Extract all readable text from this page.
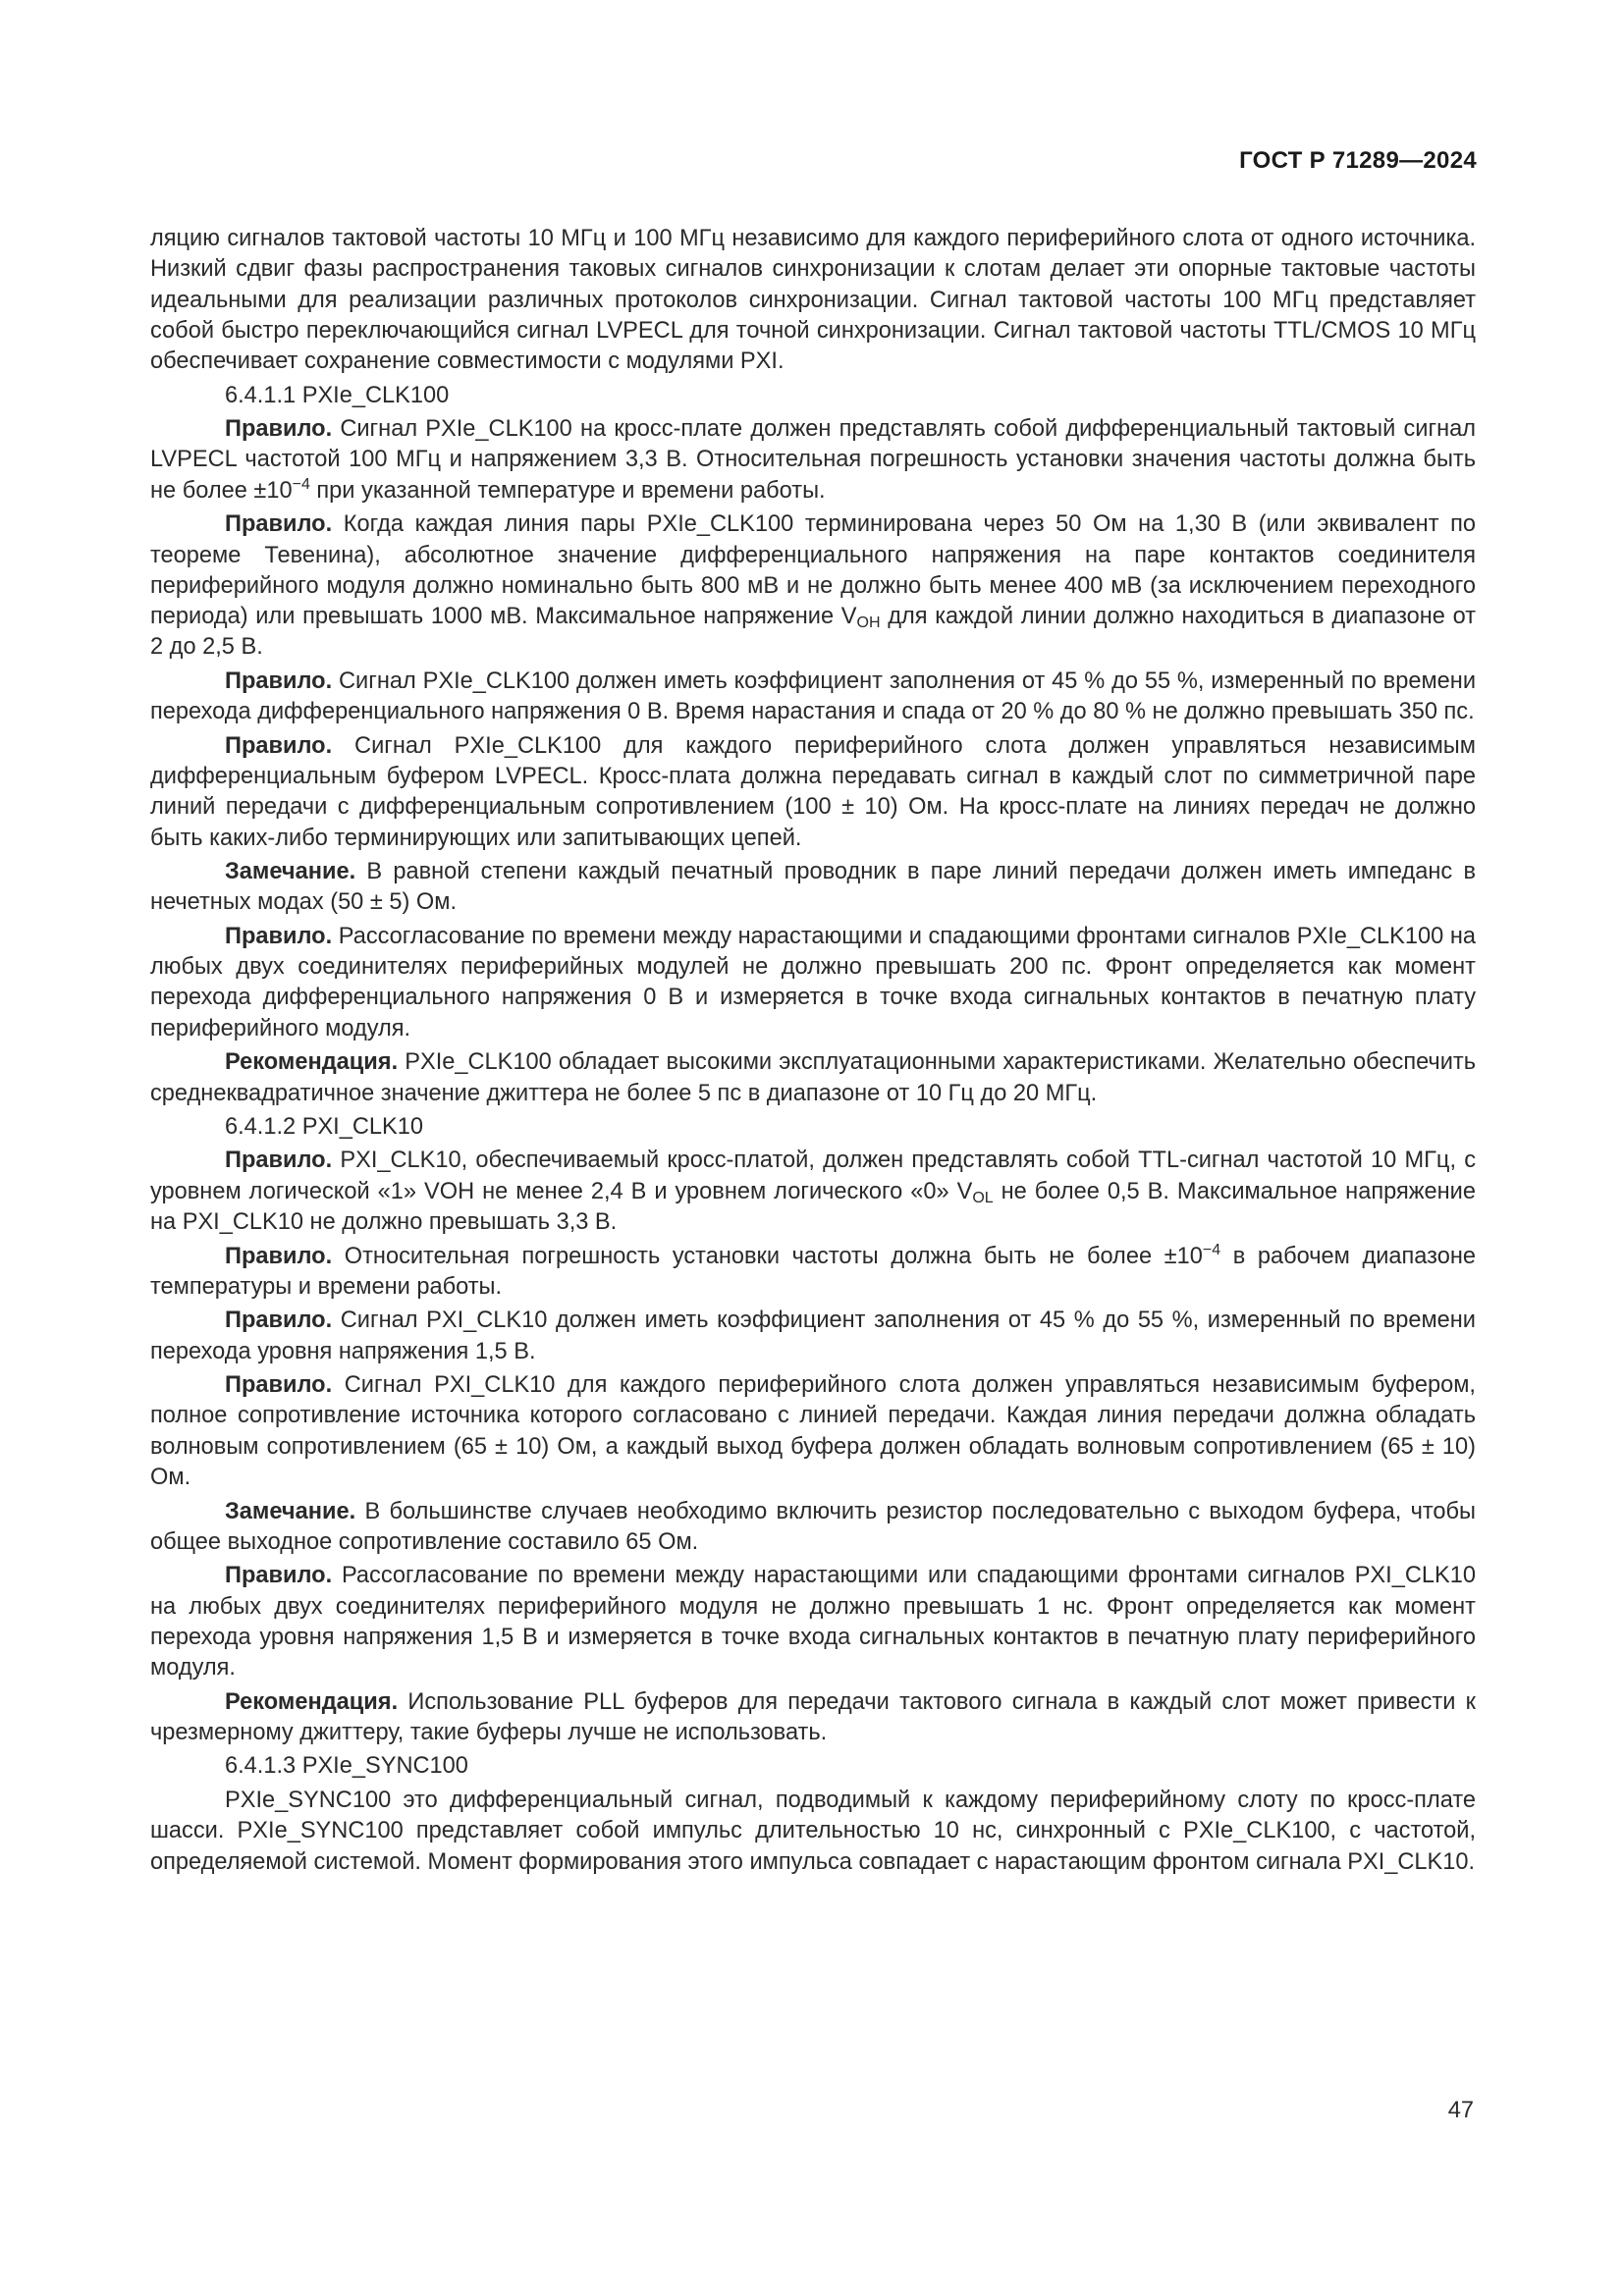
ГОСТ Р 71289—2024

ляцию сигналов тактовой частоты 10 МГц и 100 МГц независимо для каждого периферийного слота от одного источника. Низкий сдвиг фазы распространения таковых сигналов синхронизации к слотам делает эти опорные тактовые частоты идеальными для реализации различных протоколов синхронизации. Сигнал тактовой частоты 100 МГц представляет собой быстро переключающийся сигнал LVPECL для точной синхронизации. Сигнал тактовой частоты TTL/CMOS 10 МГц обеспечивает сохранение совместимости с модулями PXI.

6.4.1.1 PXIe_CLK100

Правило. Сигнал PXIe_CLK100 на кросс-плате должен представлять собой дифференциальный тактовый сигнал LVPECL частотой 100 МГц и напряжением 3,3 В. Относительная погрешность установки значения частоты должна быть не более $\pm 10^{-4}$ при указанной температуре и времени работы.

Правило. Когда каждая линия пары PXIe_CLK100 терминирована через 50 Ом на 1,30 В (или эквивалент по теореме Тевенина), абсолютное значение дифференциального напряжения на паре контактов соединителя периферийного модуля должно номинально быть 800 мВ и не должно быть менее 400 мВ (за исключением переходного периода) или превышать 1000 мВ. Максимальное напряжение $V_{OH}$ для каждой линии должно находиться в диапазоне от 2 до 2,5 В.

Правило. Сигнал PXIe_CLK100 должен иметь коэффициент заполнения от 45 % до 55 %, измеренный по времени перехода дифференциального напряжения 0 В. Время нарастания и спада от 20 % до 80 % не должно превышать 350 пс.

Правило. Сигнал PXIe_CLK100 для каждого периферийного слота должен управляться независимым дифференциальным буфером LVPECL. Кросс-плата должна передавать сигнал в каждый слот по симметричной паре линий передачи с дифференциальным сопротивлением (100 ± 10) Ом. На кросс-плате на линиях передач не должно быть каких-либо терминирующих или запитывающих цепей.

Замечание. В равной степени каждый печатный проводник в паре линий передачи должен иметь импеданс в нечетных модах (50 ± 5) Ом.

Правило. Рассогласование по времени между нарастающими и спадающими фронтами сигналов PXIe_CLK100 на любых двух соединителях периферийных модулей не должно превышать 200 пс. Фронт определяется как момент перехода дифференциального напряжения 0 В и измеряется в точке входа сигнальных контактов в печатную плату периферийного модуля.

Рекомендация. PXIe_CLK100 обладает высокими эксплуатационными характеристиками. Желательно обеспечить среднеквадратичное значение джиттера не более 5 пс в диапазоне от 10 Гц до 20 МГц.

6.4.1.2 PXI_CLK10

Правило. PXI_CLK10, обеспечиваемый кросс-платой, должен представлять собой TTL-сигнал частотой 10 МГц, с уровнем логической «1» VOH не менее 2,4 В и уровнем логического «0» $V_{OL}$ не более 0,5 В. Максимальное напряжение на PXI_CLK10 не должно превышать 3,3 В.

Правило. Относительная погрешность установки частоты должна быть не более $\pm 10^{-4}$ в рабочем диапазоне температуры и времени работы.

Правило. Сигнал PXI_CLK10 должен иметь коэффициент заполнения от 45 % до 55 %, измеренный по времени перехода уровня напряжения 1,5 В.

Правило. Сигнал PXI_CLK10 для каждого периферийного слота должен управляться независимым буфером, полное сопротивление источника которого согласовано с линией передачи. Каждая линия передачи должна обладать волновым сопротивлением (65 ± 10) Ом, а каждый выход буфера должен обладать волновым сопротивлением (65 ± 10) Ом.

Замечание. В большинстве случаев необходимо включить резистор последовательно с выходом буфера, чтобы общее выходное сопротивление составило 65 Ом.

Правило. Рассогласование по времени между нарастающими или спадающими фронтами сигналов PXI_CLK10 на любых двух соединителях периферийного модуля не должно превышать 1 нс. Фронт определяется как момент перехода уровня напряжения 1,5 В и измеряется в точке входа сигнальных контактов в печатную плату периферийного модуля.

Рекомендация. Использование PLL буферов для передачи тактового сигнала в каждый слот может привести к чрезмерному джиттеру, такие буферы лучше не использовать.

6.4.1.3 PXIe_SYNC100

PXIe_SYNC100 это дифференциальный сигнал, подводимый к каждому периферийному слоту по кросс-плате шасси. PXIe_SYNC100 представляет собой импульс длительностью 10 нс, синхронный с PXIe_CLK100, с частотой, определяемой системой. Момент формирования этого импульса совпадает с нарастающим фронтом сигнала PXI_CLK10.

47
